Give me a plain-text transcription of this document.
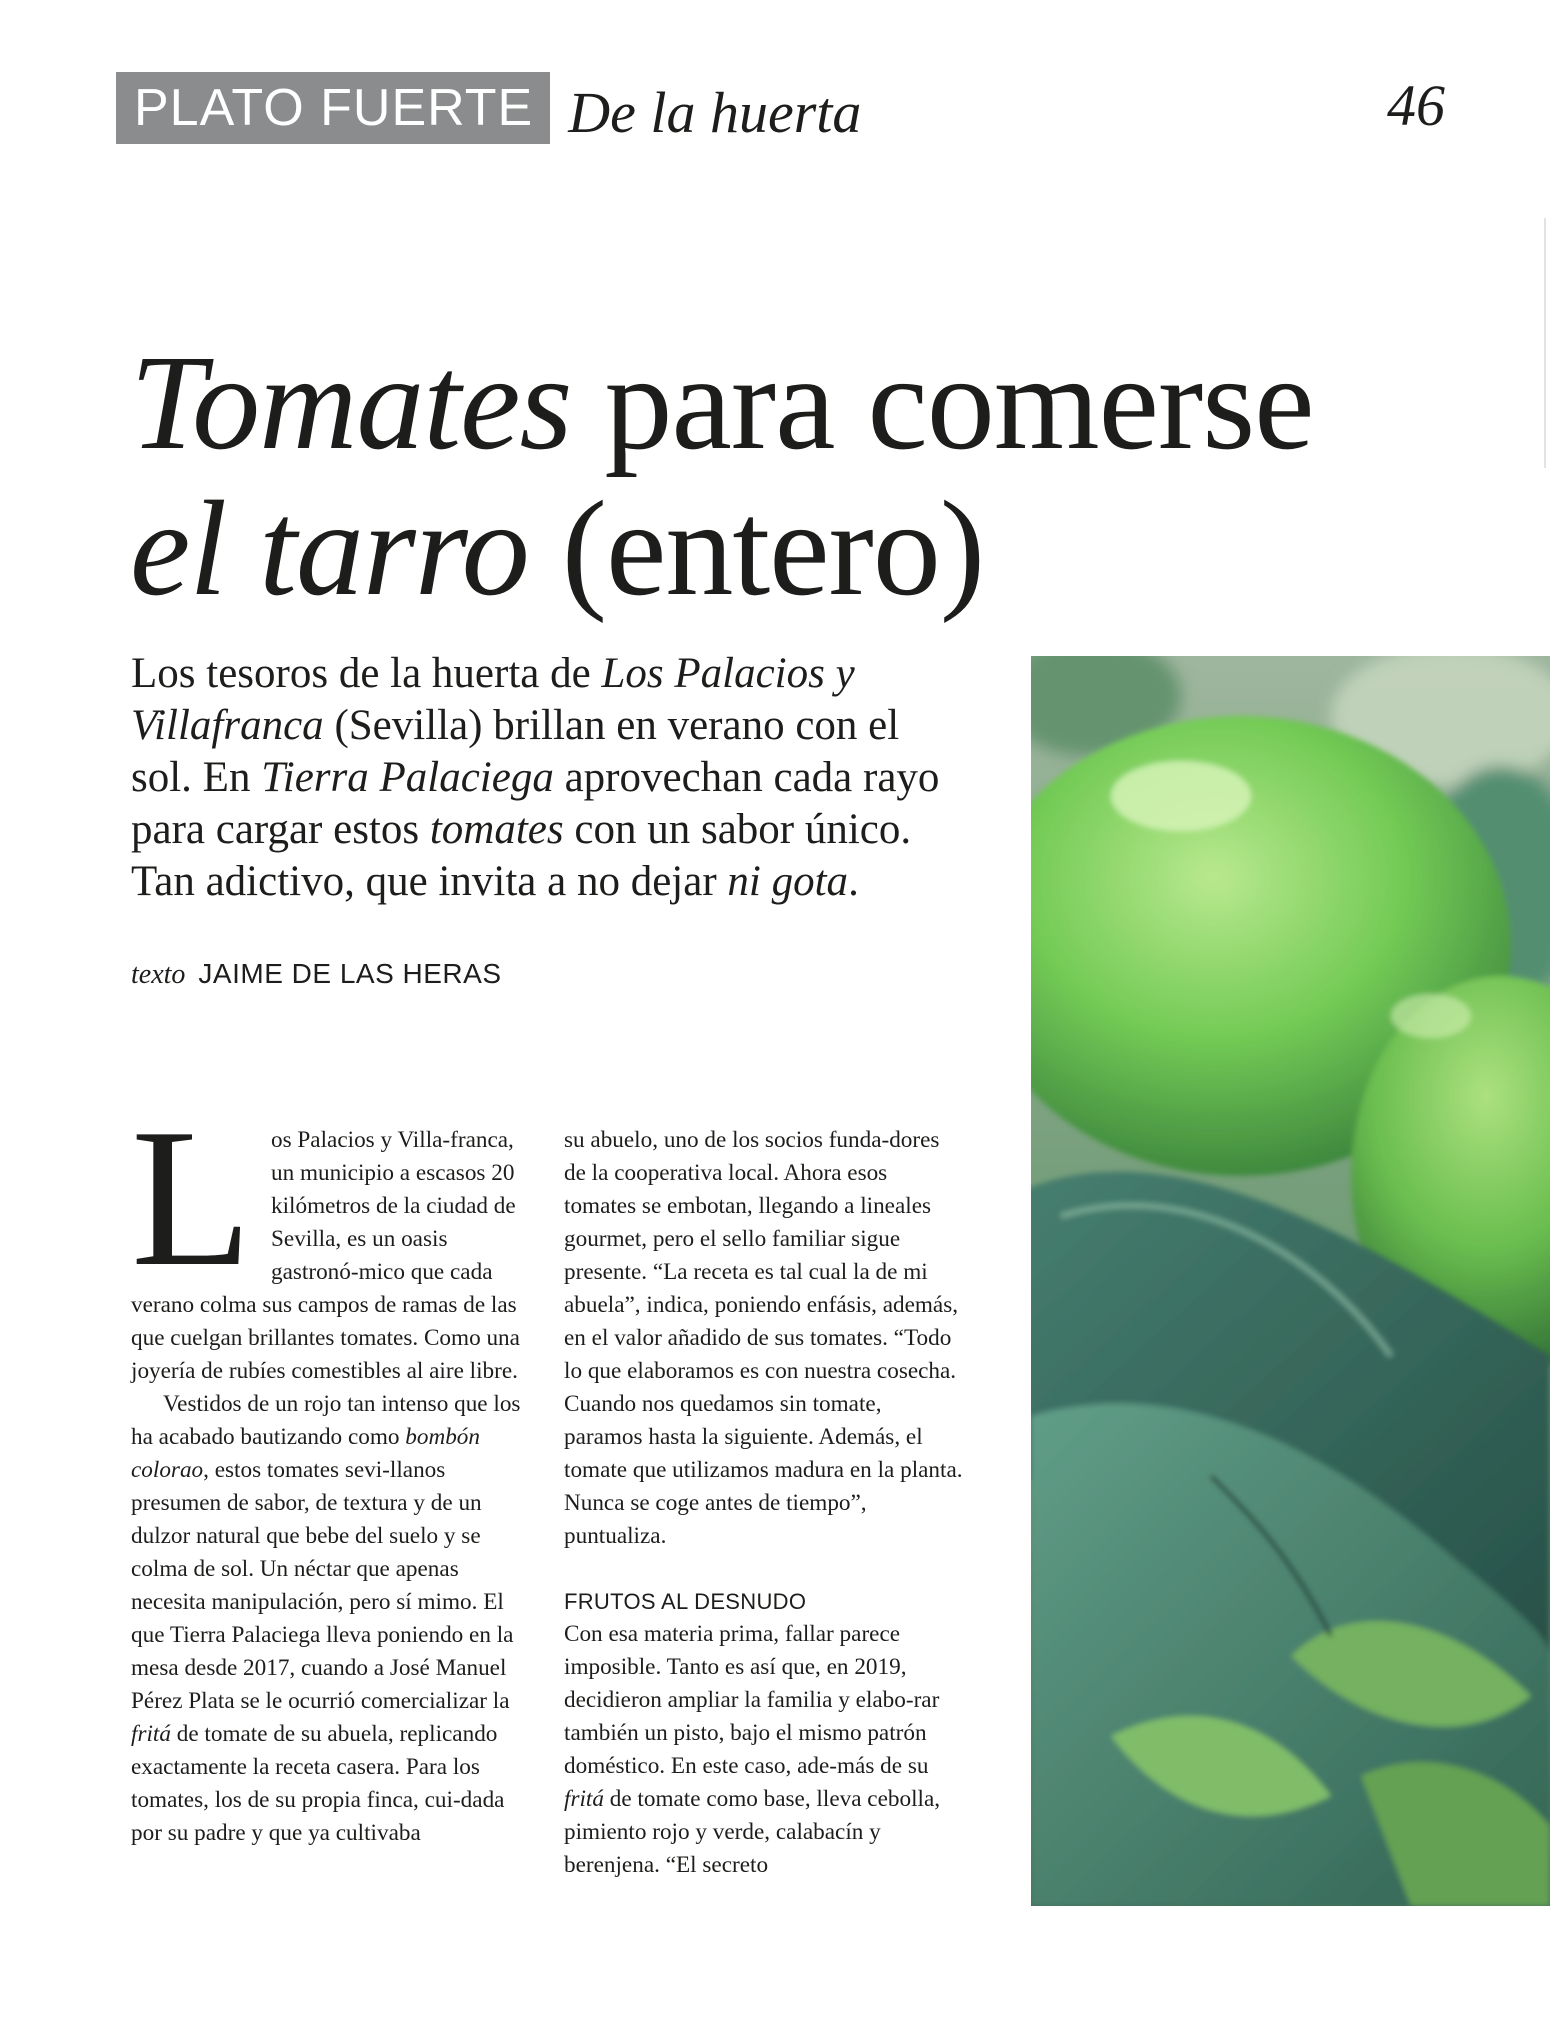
PLATO FUERTE De la huerta	46
Tomates para comerse
el tarro (entero)

Los tesoros de la huerta de Los Palacios y Villafranca (Sevilla) brillan en verano con el sol. En Tierra Palaciega aprovechan cada rayo para cargar estos tomates con un sabor único. Tan adictivo, que invita a no dejar ni gota.

texto JAIME DE LAS HERAS

Los Palacios y Villa-franca, un municipio a escasos 20 kilómetros de la ciudad de Sevilla, es un oasis gastronó-mico que cada verano colma sus campos de ramas de las que cuelgan brillantes tomates. Como una joyería de rubíes comestibles al aire libre.

Vestidos de un rojo tan intenso que los ha acabado bautizando como bombón colorao, estos tomates sevi-llanos presumen de sabor, de textura y de un dulzor natural que bebe del suelo y se colma de sol. Un néctar que apenas necesita manipulación, pero sí mimo. El que Tierra Palaciega lleva poniendo en la mesa desde 2017, cuando a José Manuel Pérez Plata se le ocurrió comercializar la fritá de tomate de su abuela, replicando exactamente la receta casera. Para los tomates, los de su propia finca, cui-dada por su padre y que ya cultivaba

su abuelo, uno de los socios funda-dores de la cooperativa local. Ahora esos tomates se embotan, llegando a lineales gourmet, pero el sello familiar sigue presente. “La receta es tal cual la de mi abuela”, indica, poniendo enfásis, además, en el valor añadido de sus tomates. “Todo lo que elaboramos es con nuestra cosecha. Cuando nos quedamos sin tomate, paramos hasta la siguiente. Además, el tomate que utilizamos madura en la planta. Nunca se coge antes de tiempo”, puntualiza.

FRUTOS AL DESNUDO

Con esa materia prima, fallar parece imposible. Tanto es así que, en 2019, decidieron ampliar la familia y elabo-rar también un pisto, bajo el mismo patrón doméstico. En este caso, ade-más de su fritá de tomate como base, lleva cebolla, pimiento rojo y verde, calabacín y berenjena. “El secreto
